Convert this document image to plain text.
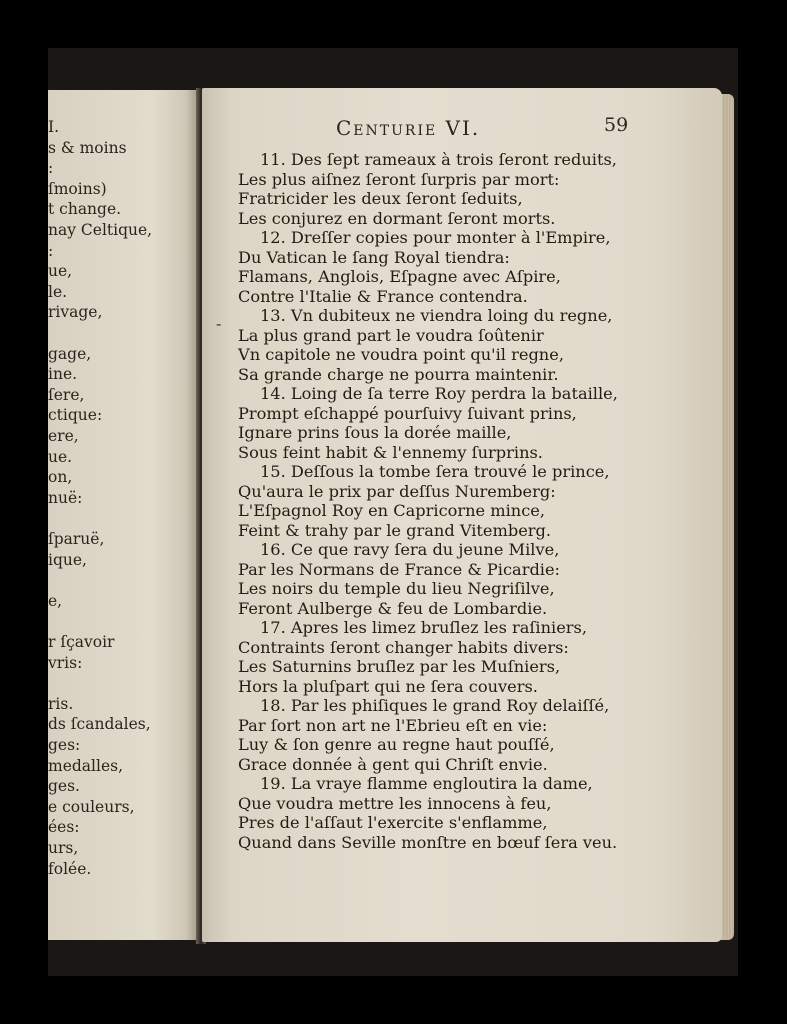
I.
s & moins
:
ſmoins)
t change.
nay Celtique,
:
ue,
le.
rivage,
gage,
ine.
ſere,
ctique:
ere,
ue.
on,
nuë:
ſparuë,
ique,
e,
r ſçavoir
vris:
ris.
ds ſcandales,
ges:
medalles,
ges.
e couleurs,
ées:
urs,
folée.
Centurie VI.	59
-
11. Des ſept rameaux à trois ſeront reduits,
Les plus aiſnez ſeront ſurpris par mort:
Fratricider les deux ſeront ſeduits,
Les conjurez en dormant ſeront morts.
12. Dreſſer copies pour monter à l'Empire,
Du Vatican le ſang Royal tiendra:
Flamans, Anglois, Eſpagne avec Aſpire,
Contre l'Italie & France contendra.
13. Vn dubiteux ne viendra loing du regne,
La plus grand part le voudra ſoûtenir
Vn capitole ne voudra point qu'il regne,
Sa grande charge ne pourra maintenir.
14. Loing de ſa terre Roy perdra la bataille,
Prompt eſchappé pourſuivy ſuivant prins,
Ignare prins ſous la dorée maille,
Sous feint habit & l'ennemy ſurprins.
15. Deſſous la tombe ſera trouvé le prince,
Qu'aura le prix par deſſus Nuremberg:
L'Eſpagnol Roy en Capricorne mince,
Feint & trahy par le grand Vitemberg.
16. Ce que ravy ſera du jeune Milve,
Par les Normans de France & Picardie:
Les noirs du temple du lieu Negriſilve,
Feront Aulberge & feu de Lombardie.
17. Apres les limez bruſlez les raſiniers,
Contraints ſeront changer habits divers:
Les Saturnins bruſlez par les Muſniers,
Hors la pluſpart qui ne ſera couvers.
18. Par les phiſiques le grand Roy delaiſſé,
Par ſort non art ne l'Ebrieu eſt en vie:
Luy & ſon genre au regne haut pouſſé,
Grace donnée à gent qui Chriſt envie.
19. La vraye flamme engloutira la dame,
Que voudra mettre les innocens à feu,
Pres de l'aſſaut l'exercite s'enflamme,
Quand dans Seville monſtre en bœuf ſera veu.
